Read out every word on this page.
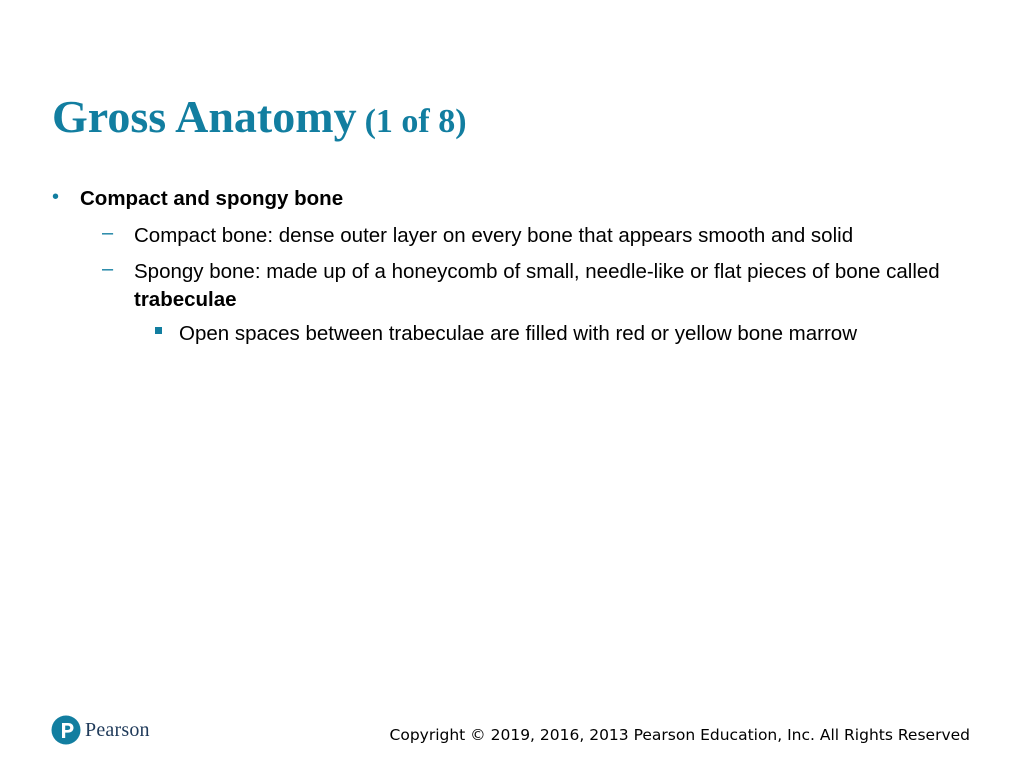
Gross Anatomy (1 of 8)
• Compact and spongy bone
– Compact bone: dense outer layer on every bone that appears smooth and solid
– Spongy bone: made up of a honeycomb of small, needle-like or flat pieces of bone called trabeculae
Open spaces between trabeculae are filled with red or yellow bone marrow
Pearson	Copyright © 2019, 2016, 2013 Pearson Education, Inc. All Rights Reserved
